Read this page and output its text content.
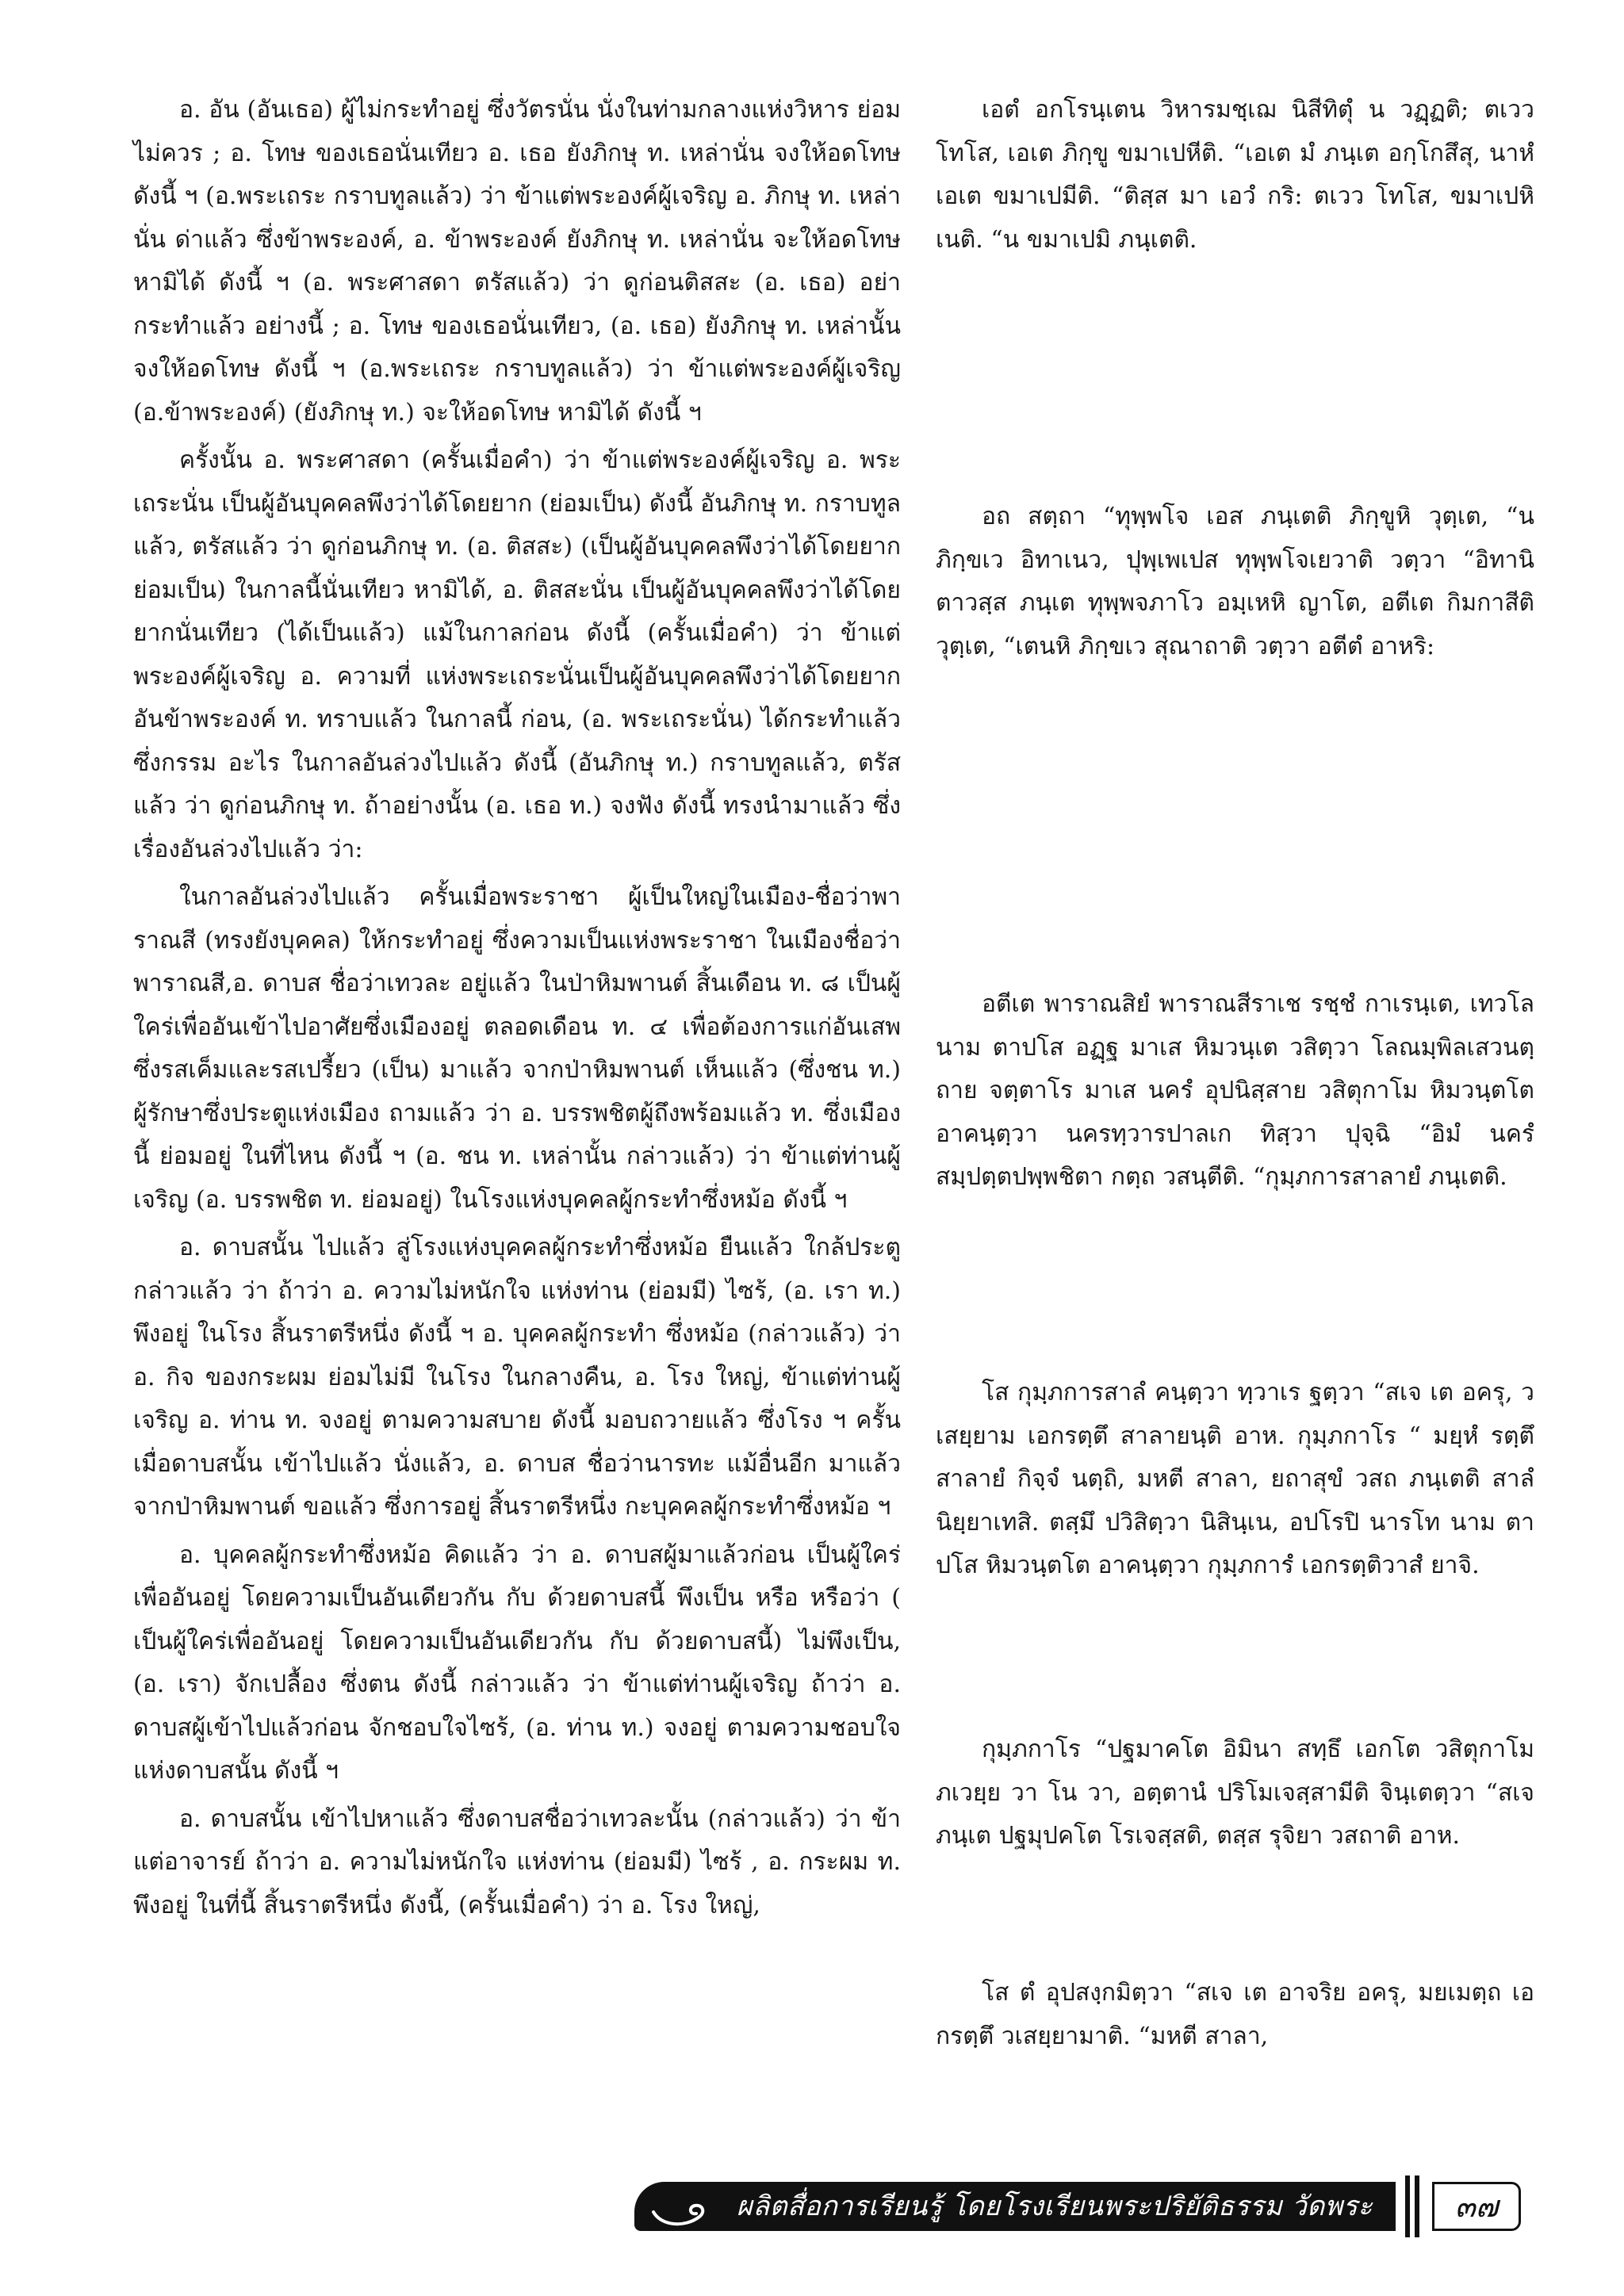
อ. อัน (อันเธอ) ผู้ไม่กระทำอยู่ ซึ่งวัตรนั่น นั่งในท่ามกลางแห่งวิหาร ย่อมไม่ควร ; อ. โทษ ของเธอนั่นเทียว อ. เธอ ยังภิกษุ ท. เหล่านั่น จงให้อดโทษ ดังนี้ ฯ (อ.พระเถระ กราบทูลแล้ว) ว่า ข้าแต่พระองค์ผู้เจริญ อ. ภิกษุ ท. เหล่านั่น ด่าแล้ว ซึ่งข้าพระองค์, อ. ข้าพระองค์ ยังภิกษุ ท. เหล่านั่น จะให้อดโทษ หามิได้ ดังนี้ ฯ (อ. พระศาสดา ตรัสแล้ว) ว่า ดูก่อนติสสะ (อ. เธอ) อย่ากระทำแล้ว อย่างนี้ ; อ. โทษ ของเธอนั่นเทียว, (อ. เธอ) ยังภิกษุ ท. เหล่านั้น จงให้อดโทษ ดังนี้ ฯ (อ.พระเถระ กราบทูลแล้ว) ว่า ข้าแต่พระองค์ผู้เจริญ (อ.ข้าพระองค์) (ยังภิกษุ ท.) จะให้อดโทษ หามิได้ ดังนี้ ฯ

ครั้งนั้น อ. พระศาสดา (ครั้นเมื่อคำ) ว่า ข้าแต่พระองค์ผู้เจริญ อ. พระเถระนั่น เป็นผู้อันบุคคลพึงว่าได้โดยยาก (ย่อมเป็น) ดังนี้ อันภิกษุ ท. กราบทูลแล้ว, ตรัสแล้ว ว่า ดูก่อนภิกษุ ท. (อ. ติสสะ) (เป็นผู้อันบุคคลพึงว่าได้โดยยาก ย่อมเป็น) ในกาลนี้นั่นเทียว หามิได้, อ. ติสสะนั่น เป็นผู้อันบุคคลพึงว่าได้โดยยากนั่นเทียว (ได้เป็นแล้ว) แม้ในกาลก่อน ดังนี้ (ครั้นเมื่อคำ) ว่า ข้าแต่พระองค์ผู้เจริญ อ. ความที่ แห่งพระเถระนั่นเป็นผู้อันบุคคลพึงว่าได้โดยยาก อันข้าพระองค์ ท. ทราบแล้ว ในกาลนี้ ก่อน, (อ. พระเถระนั่น) ได้กระทำแล้ว ซึ่งกรรม อะไร ในกาลอันล่วงไปแล้ว ดังนี้ (อันภิกษุ ท.) กราบทูลแล้ว, ตรัสแล้ว ว่า ดูก่อนภิกษุ ท. ถ้าอย่างนั้น (อ. เธอ ท.) จงฟัง ดังนี้ ทรงนำมาแล้ว ซึ่งเรื่องอันล่วงไปแล้ว ว่า:

ในกาลอันล่วงไปแล้ว ครั้นเมื่อพระราชา ผู้เป็นใหญ่ในเมือง-ชื่อว่าพาราณสี (ทรงยังบุคคล) ให้กระทำอยู่ ซึ่งความเป็นแห่งพระราชา ในเมืองชื่อว่าพาราณสี,อ. ดาบส ชื่อว่าเทวละ อยู่แล้ว ในป่าหิมพานต์ สิ้นเดือน ท. ๘ เป็นผู้ใคร่เพื่ออันเข้าไปอาศัยซึ่งเมืองอยู่ ตลอดเดือน ท. ๔ เพื่อต้องการแก่อันเสพซึ่งรสเค็มและรสเปรี้ยว (เป็น) มาแล้ว จากป่าหิมพานต์ เห็นแล้ว (ซึ่งชน ท.) ผู้รักษาซึ่งประตูแห่งเมือง ถามแล้ว ว่า อ. บรรพชิตผู้ถึงพร้อมแล้ว ท. ซึ่งเมืองนี้ ย่อมอยู่ ในที่ไหน ดังนี้ ฯ (อ. ชน ท. เหล่านั้น กล่าวแล้ว) ว่า ข้าแต่ท่านผู้เจริญ (อ. บรรพชิต ท. ย่อมอยู่) ในโรงแห่งบุคคลผู้กระทำซึ่งหม้อ ดังนี้ ฯ

อ. ดาบสนั้น ไปแล้ว สู่โรงแห่งบุคคลผู้กระทำซึ่งหม้อ ยืนแล้ว ใกล้ประตู กล่าวแล้ว ว่า ถ้าว่า อ. ความไม่หนักใจ แห่งท่าน (ย่อมมี) ไซร้, (อ. เรา ท.) พึงอยู่ ในโรง สิ้นราตรีหนึ่ง ดังนี้ ฯ อ. บุคคลผู้กระทำ ซึ่งหม้อ (กล่าวแล้ว) ว่า อ. กิจ ของกระผม ย่อมไม่มี ในโรง ในกลางคืน, อ. โรง ใหญ่, ข้าแต่ท่านผู้เจริญ อ. ท่าน ท. จงอยู่ ตามความสบาย ดังนี้ มอบถวายแล้ว ซึ่งโรง ฯ ครั้นเมื่อดาบสนั้น เข้าไปแล้ว นั่งแล้ว, อ. ดาบส ชื่อว่านารทะ แม้อื่นอีก มาแล้ว จากป่าหิมพานต์ ขอแล้ว ซึ่งการอยู่ สิ้นราตรีหนึ่ง กะบุคคลผู้กระทำซึ่งหม้อ ฯ

อ. บุคคลผู้กระทำซึ่งหม้อ คิดแล้ว ว่า อ. ดาบสผู้มาแล้วก่อน เป็นผู้ใคร่เพื่ออันอยู่ โดยความเป็นอันเดียวกัน กับ ด้วยดาบสนี้ พึงเป็น หรือ หรือว่า ( เป็นผู้ใคร่เพื่ออันอยู่ โดยความเป็นอันเดียวกัน กับ ด้วยดาบสนี้) ไม่พึงเป็น, (อ. เรา) จักเปลื้อง ซึ่งตน ดังนี้ กล่าวแล้ว ว่า ข้าแต่ท่านผู้เจริญ ถ้าว่า อ. ดาบสผู้เข้าไปแล้วก่อน จักชอบใจไซร้, (อ. ท่าน ท.) จงอยู่ ตามความชอบใจ แห่งดาบสนั้น ดังนี้ ฯ

อ. ดาบสนั้น เข้าไปหาแล้ว ซึ่งดาบสชื่อว่าเทวละนั้น (กล่าวแล้ว) ว่า ข้าแต่อาจารย์ ถ้าว่า อ. ความไม่หนักใจ แห่งท่าน (ย่อมมี) ไซร้ , อ. กระผม ท. พึงอยู่ ในที่นี้ สิ้นราตรีหนึ่ง ดังนี้, (ครั้นเมื่อคำ) ว่า อ. โรง ใหญ่,

เอตํ อกโรนฺเตน วิหารมชฺเฌ นิสีทิตุํ น วฏฺฏติ; ตเวว โทโส, เอเต ภิกฺขู ขมาเปหีติ. “เอเต มํ ภนฺเต อกฺโกสึสุ, นาหํ เอเต ขมาเปมีติ. “ติสฺส มา เอวํ กริ: ตเวว โทโส, ขมาเปหิ เนติ. “น ขมาเปมิ ภนฺเตติ.

อถ สตฺถา “ทุพฺพโจ เอส ภนฺเตติ ภิกฺขูหิ วุตฺเต, “น ภิกฺขเว อิทาเนว, ปุพฺเพเปส ทุพฺพโจเยวาติ วตฺวา “อิทานิ ตาวสฺส ภนฺเต ทุพฺพจภาโว อมฺเหหิ ญาโต, อตีเต กิมกาสีติ วุตฺเต, “เตนหิ ภิกฺขเว สุณาถาติ วตฺวา อตีตํ อาหริ:

อตีเต พาราณสิยํ พาราณสีราเช รชฺชํ กาเรนฺเต, เทวโล นาม ตาปโส อฏฺฐ มาเส หิมวนฺเต วสิตฺวา โลณมฺพิลเสวนตฺถาย จตฺตาโร มาเส นครํ อุปนิสฺสาย วสิตุกาโม หิมวนฺตโต อาคนฺตฺวา นครทฺวารปาลเก ทิสฺวา ปุจฺฉิ “อิมํ นครํ สมฺปตฺตปพฺพชิตา กตฺถ วสนฺตีติ. “กุมฺภการสาลายํ ภนฺเตติ.

โส กุมฺภการสาลํ คนฺตฺวา ทฺวาเร ฐตฺวา “สเจ เต อครุ, วเสยฺยาม เอกรตฺตึ สาลายนฺติ อาห. กุมฺภกาโร “ มยฺหํ รตฺตึ สาลายํ กิจฺจํ นตฺถิ, มหตี สาลา, ยถาสุขํ วสถ ภนฺเตติ สาลํ นิยฺยาเทสิ. ตสฺมึ ปวิสิตฺวา นิสินฺเน, อปโรปิ นารโท นาม ตาปโส หิมวนฺตโต อาคนฺตฺวา กุมฺภการํ เอกรตฺติวาสํ ยาจิ.

กุมฺภกาโร “ปฐมาคโต อิมินา สทฺธึ เอกโต วสิตุกาโม ภเวยฺย วา โน วา, อตฺตานํ ปริโมเจสฺสามีติ จินฺเตตฺวา “สเจ ภนฺเต ปฐมุปคโต โรเจสฺสติ, ตสฺส รุจิยา วสถาติ อาห.

โส ตํ อุปสงฺกมิตฺวา “สเจ เต อาจริย อครุ, มยเมตฺถ เอกรตฺตึ วเสยฺยามาติ. “มหตี สาลา,

ผลิตสื่อการเรียนรู้ โดยโรงเรียนพระปริยัติธรรม วัดพระธรรมกาย
๓๗
